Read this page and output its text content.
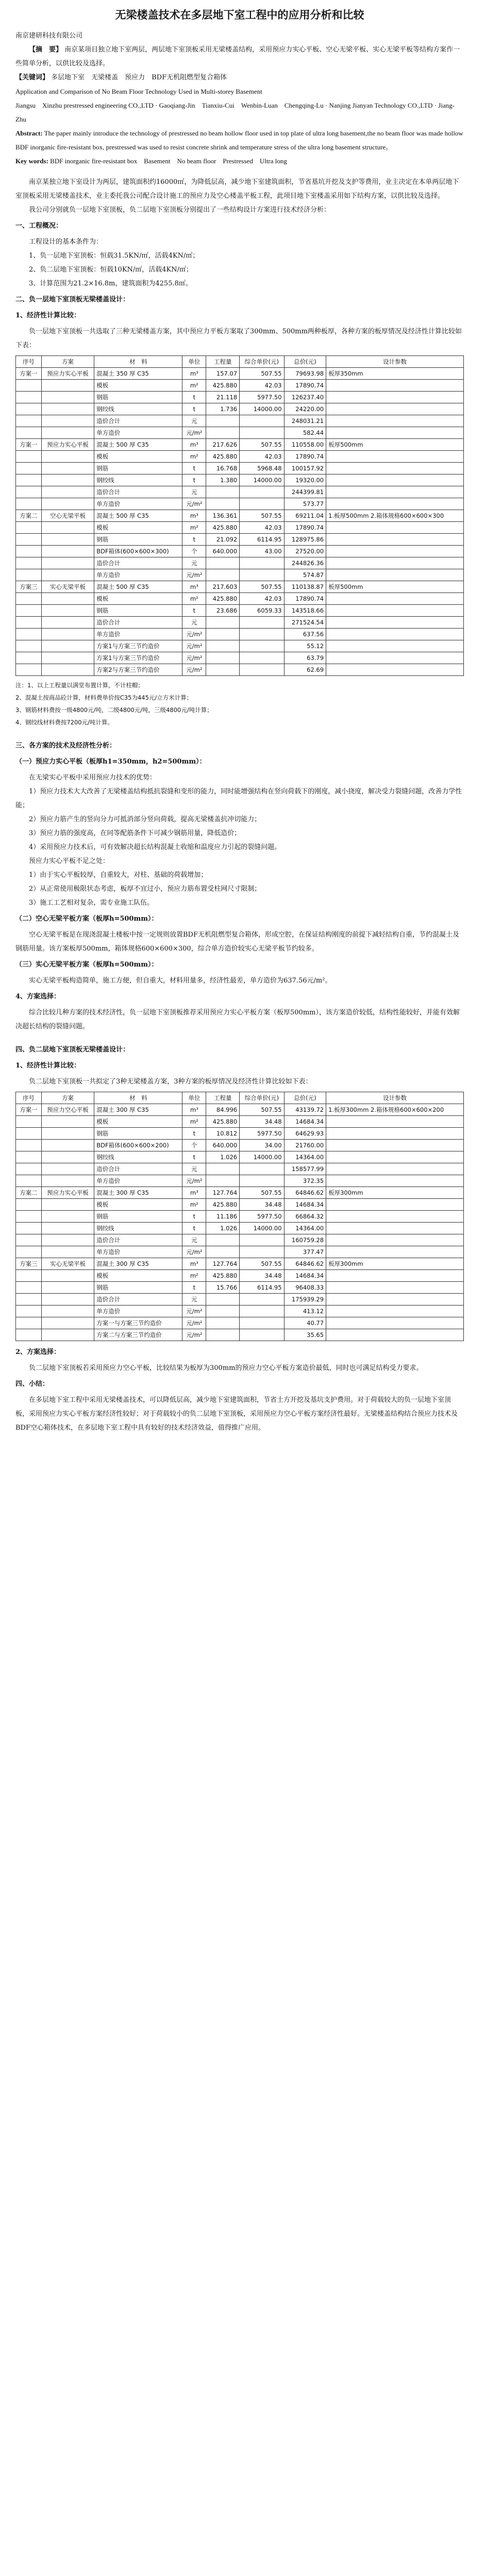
无梁楼盖技术在多层地下室工程中的应用分析和比较

南京建研科技有限公司

【摘　要】 南京某项目独立地下室两层，两层地下室顶板采用无梁楼盖结构，采用预应力实心平板、空心无梁平板、实心无梁平板等结构方案作一些简单分析，以供比较及选择。

【关键词】 多层地下室　无梁楼盖　预应力　BDF无机阻燃型复合箱体

Application and Comparison of No Beam Floor Technology Used in Multi-storey Basement

Jiangsu　Xinzhu prestressed engineering CO.,LTD · Gaoqiang-Jin　Tianxiu-Cui　Wenbin-Luan　Chengqing-Lu · Nanjing Jianyan Technology CO.,LTD · Jiang-Zhu

Abstract: The paper mainly introduce the technology of prestressed no beam hollow floor used in top plate of ultra long basement,the no beam floor was made hollow BDF inorganic fire-resistant box, prestressed was used to resist concrete shrink and temperature stress of the ultra long basement structure。

Key words: BDF inorganic fire-resistant box　Basement　No beam floor　Prestressed　Ultra long

南京某独立地下室设计为两层，建筑面积约16000㎡，为降低层高，减少地下室建筑面积，节省基坑开挖及支护等费用，业主决定在本单两层地下室顶板采用无梁楼盖技术，业主委托我公司配合设计施工的预应力及空心楼盖平板工程，此项目地下室楼盖采用如下结构方案，以供比较及选择。

我公司分别就负一层地下室顶板，负二层地下室顶板分别提出了一些结构设计方案进行技术经济分析：

一、工程概况：

工程设计的基本条件为：

1、负一层地下室顶板：恒载31.5KN/㎡，活载4KN/㎡；

2、负二层地下室顶板：恒载10KN/㎡，活载4KN/㎡；

3、计算范围为21.2×16.8m，建筑面积为4255.8㎡。

二、负一层地下室顶板无梁楼盖设计：

1、经济性计算比较：

负一层地下室顶板一共选取了三种无梁楼盖方案，其中预应力平板方案取了300mm、500mm两种板厚，各种方案的板厚情况及经济性计算比较如下表：

序号	方案	材　料	单位	工程量	综合单价(元)	总价(元)	设计参数
方案一	预应力实心平板	混凝土 350 厚 C35	m³	157.07	507.55	79693.98	板厚350mm
		模板	m²	425.880	42.03	17890.74	
		钢筋	t	21.118	5977.50	126237.40	
		钢绞线	t	1.736	14000.00	24220.00	
		造价合计	元			248031.21	
		单方造价	元/m²			582.44	
方案一	预应力实心平板	混凝土 500 厚 C35	m³	217.626	507.55	110558.00	板厚500mm
		模板	m²	425.880	42.03	17890.74	
		钢筋	t	16.768	5968.48	100157.92	
		钢绞线	t	1.380	14000.00	19320.00	
		造价合计	元			244399.81	
		单方造价	元/m²			573.77	
方案二	空心无梁平板	混凝土 500 厚 C35	m³	136.361	507.55	69211.04	1.板厚500mm 2.箱体规格600×600×300
		模板	m²	425.880	42.03	17890.74	
		钢筋	t	21.092	6114.95	128975.86	
		BDF箱体(600×600×300)	个	640.000	43.00	27520.00	
		造价合计	元			244826.36	
		单方造价	元/m²			574.87	
方案三	实心无梁平板	混凝土 500 厚 C35	m³	217.603	507.55	110138.87	板厚500mm
		模板	m²	425.880	42.03	17890.74	
		钢筋	t	23.686	6059.33	143518.66	
		造价合计	元			271524.54	
		单方造价	元/m²			637.56	
		方案1与方案三节约造价	元/m²			55.12	
		方案1与方案三节约造价	元/m²			63.79	
		方案2与方案三节约造价	元/m²			62.69	

注：1、以上工程量以满堂布置计算，不计柱帽；

2、混凝土按商品砼计算，材料费单价按C35为445元/立方米计算；

3、钢筋材料费按一级4800元/吨，二级4800元/吨，三级4800元/吨计算；

4、钢绞线材料费按7200元/吨计算。

三、各方案的技术及经济性分析：

（一）预应力实心平板（板厚h1=350mm，h2=500mm）：

在无梁实心平板中采用预应力技术的优势：

1）预应力技术大大改善了无梁楼盖结构抵抗裂缝和变形的能力，同时能增强结构在竖向荷载下的刚度，减小挠度，解决受力裂缝问题，改善力学性能；

2）预应力筋产生的竖向分力可抵消部分竖向荷载，提高无梁楼盖抗冲切能力；

3）预应力筋的强度高，在同等配筋条件下可减少钢筋用量，降低造价；

4）采用预应力技术后，可有效解决超长结构混凝土收缩和温度应力引起的裂缝问题。

预应力实心平板不足之处：

1）由于实心平板较厚，自重较大，对柱、基础的荷载增加；

2）从正常使用极限状态考虑，板厚不宜过小，预应力筋布置受柱网尺寸限制；

3）施工工艺相对复杂，需专业施工队伍。

（二）空心无梁平板方案（板厚h=500mm）：

空心无梁平板是在现浇混凝土楼板中按一定规则放置BDF无机阻燃型复合箱体，形成空腔，在保证结构刚度的前提下减轻结构自重，节约混凝土及钢筋用量。该方案板厚500mm，箱体规格600×600×300，综合单方造价较实心无梁平板节约较多。

（三）实心无梁平板方案（板厚h=500mm）：

实心无梁平板构造简单，施工方便，但自重大，材料用量多，经济性最差，单方造价为637.56元/m²。

4、方案选择：

综合比较几种方案的技术经济性，负一层地下室顶板推荐采用预应力实心平板方案（板厚500mm），该方案造价较低，结构性能较好，并能有效解决超长结构的裂缝问题。

四、负二层地下室顶板无梁楼盖设计：

1、经济性计算比较：

负二层地下室顶板一共拟定了3种无梁楼盖方案，3种方案的板厚情况及经济性计算比较如下表：

序号	方案	材　料	单位	工程量	综合单价(元)	总价(元)	设计参数
方案一	预应力空心平板	混凝土 300 厚 C35	m³	84.996	507.55	43139.72	1.板厚300mm 2.箱体规格600×600×200
		模板	m²	425.880	34.48	14684.34	
		钢筋	t	10.812	5977.50	64629.93	
		BDF箱体(600×600×200)	个	640.000	34.00	21760.00	
		钢绞线	t	1.026	14000.00	14364.00	
		造价合计	元			158577.99	
		单方造价	元/m²			372.35	
方案二	预应力实心平板	混凝土 300 厚 C35	m³	127.764	507.55	64846.62	板厚300mm
		模板	m²	425.880	34.48	14684.34	
		钢筋	t	11.186	5977.50	66864.32	
		钢绞线	t	1.026	14000.00	14364.00	
		造价合计	元			160759.28	
		单方造价	元/m²			377.47	
方案三	实心无梁平板	混凝土 300 厚 C35	m³	127.764	507.55	64846.62	板厚300mm
		模板	m²	425.880	34.48	14684.34	
		钢筋	t	15.766	6114.95	96408.33	
		造价合计	元			175939.29	
		单方造价	元/m²			413.12	
		方案一与方案三节约造价	元/m²			40.77	
		方案二与方案三节约造价	元/m²			35.65	

2、方案选择：

负二层地下室顶板若采用预应力空心平板，比较结果为板厚为300mm的预应力空心平板方案造价最低，同时也可满足结构受力要求。

四、小结：

在多层地下室工程中采用无梁楼盖技术，可以降低层高，减少地下室建筑面积，节省土方开挖及基坑支护费用。对于荷载较大的负一层地下室顶板，采用预应力实心平板方案经济性较好；对于荷载较小的负二层地下室顶板，采用预应力空心平板方案经济性最好。无梁楼盖结构结合预应力技术及BDF空心箱体技术，在多层地下室工程中具有较好的技术经济效益，值得推广应用。
